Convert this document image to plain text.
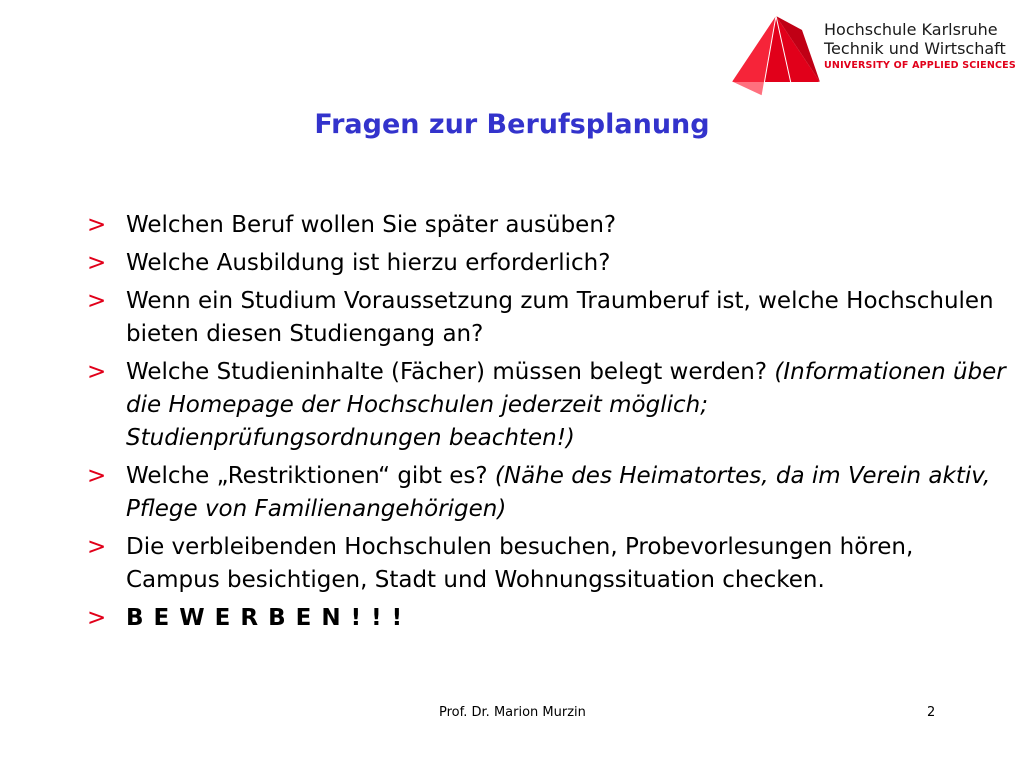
Hochschule Karlsruhe
Technik und Wirtschaft
UNIVERSITY OF APPLIED SCIENCES
Fragen zur Berufsplanung
> Welchen Beruf wollen Sie später ausüben?
> Welche Ausbildung ist hierzu erforderlich?
> Wenn ein Studium Voraussetzung zum Traumberuf ist, welche Hochschulen bieten diesen Studiengang an?
> Welche Studieninhalte (Fächer) müssen belegt werden? (Informationen über die Homepage der Hochschulen jederzeit möglich; Studienprüfungsordnungen beachten!)
> Welche „Restriktionen“ gibt es? (Nähe des Heimatortes, da im Verein aktiv, Pflege von Familienangehörigen)
> Die verbleibenden Hochschulen besuchen, Probevorlesungen hören, Campus besichtigen, Stadt und Wohnungssituation checken.
> B E W E R B E N ! ! !
Prof. Dr. Marion Murzin	2
